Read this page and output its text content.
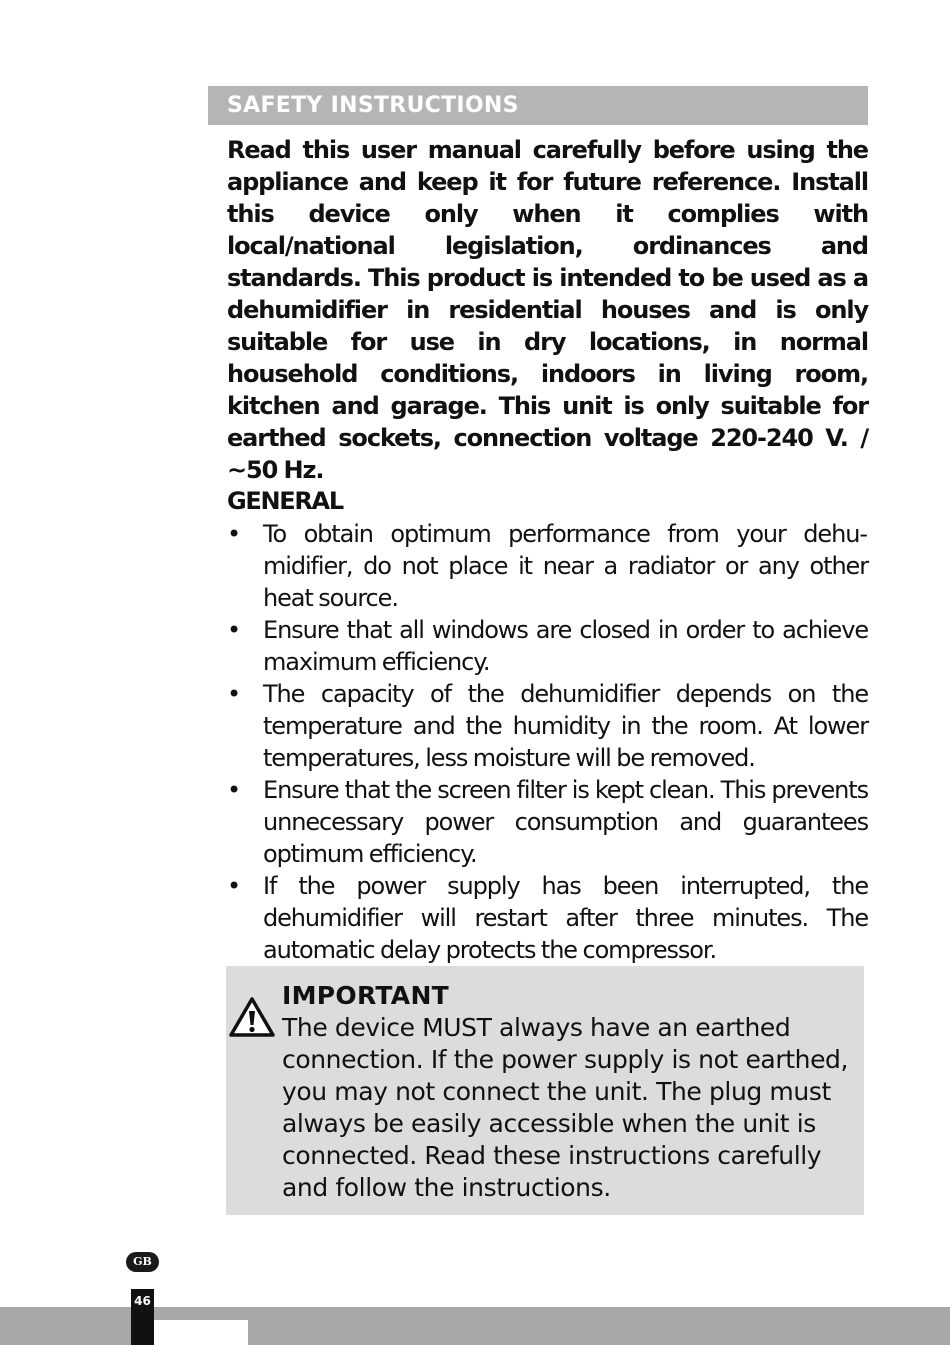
SAFETY INSTRUCTIONS

Read this user manual carefully before using the appliance and keep it for future reference. Install this device only when it complies with local/national legislation, ordinances and standards. This product is intended to be used as a dehumidifier in residential houses and is only suitable for use in dry locations, in normal household conditions, indoors in living room, kitchen and garage. This unit is only suitable for earthed sockets, connection voltage 220-240 V. / ~50 Hz.

GENERAL
• To obtain optimum performance from your dehumidifier, do not place it near a radiator or any other heat source.
• Ensure that all windows are closed in order to achieve maximum efficiency.
• The capacity of the dehumidifier depends on the temperature and the humidity in the room. At lower temperatures, less moisture will be removed.
• Ensure that the screen filter is kept clean. This prevents unnecessary power consumption and guarantees optimum efficiency.
• If the power supply has been interrupted, the dehumidifier will restart after three minutes. The automatic delay protects the compressor.
IMPORTANT

The device MUST always have an earthed connection. If the power supply is not earthed, you may not connect the unit. The plug must always be easily accessible when the unit is connected. Read these instructions carefully and follow the instructions.

GB
46
